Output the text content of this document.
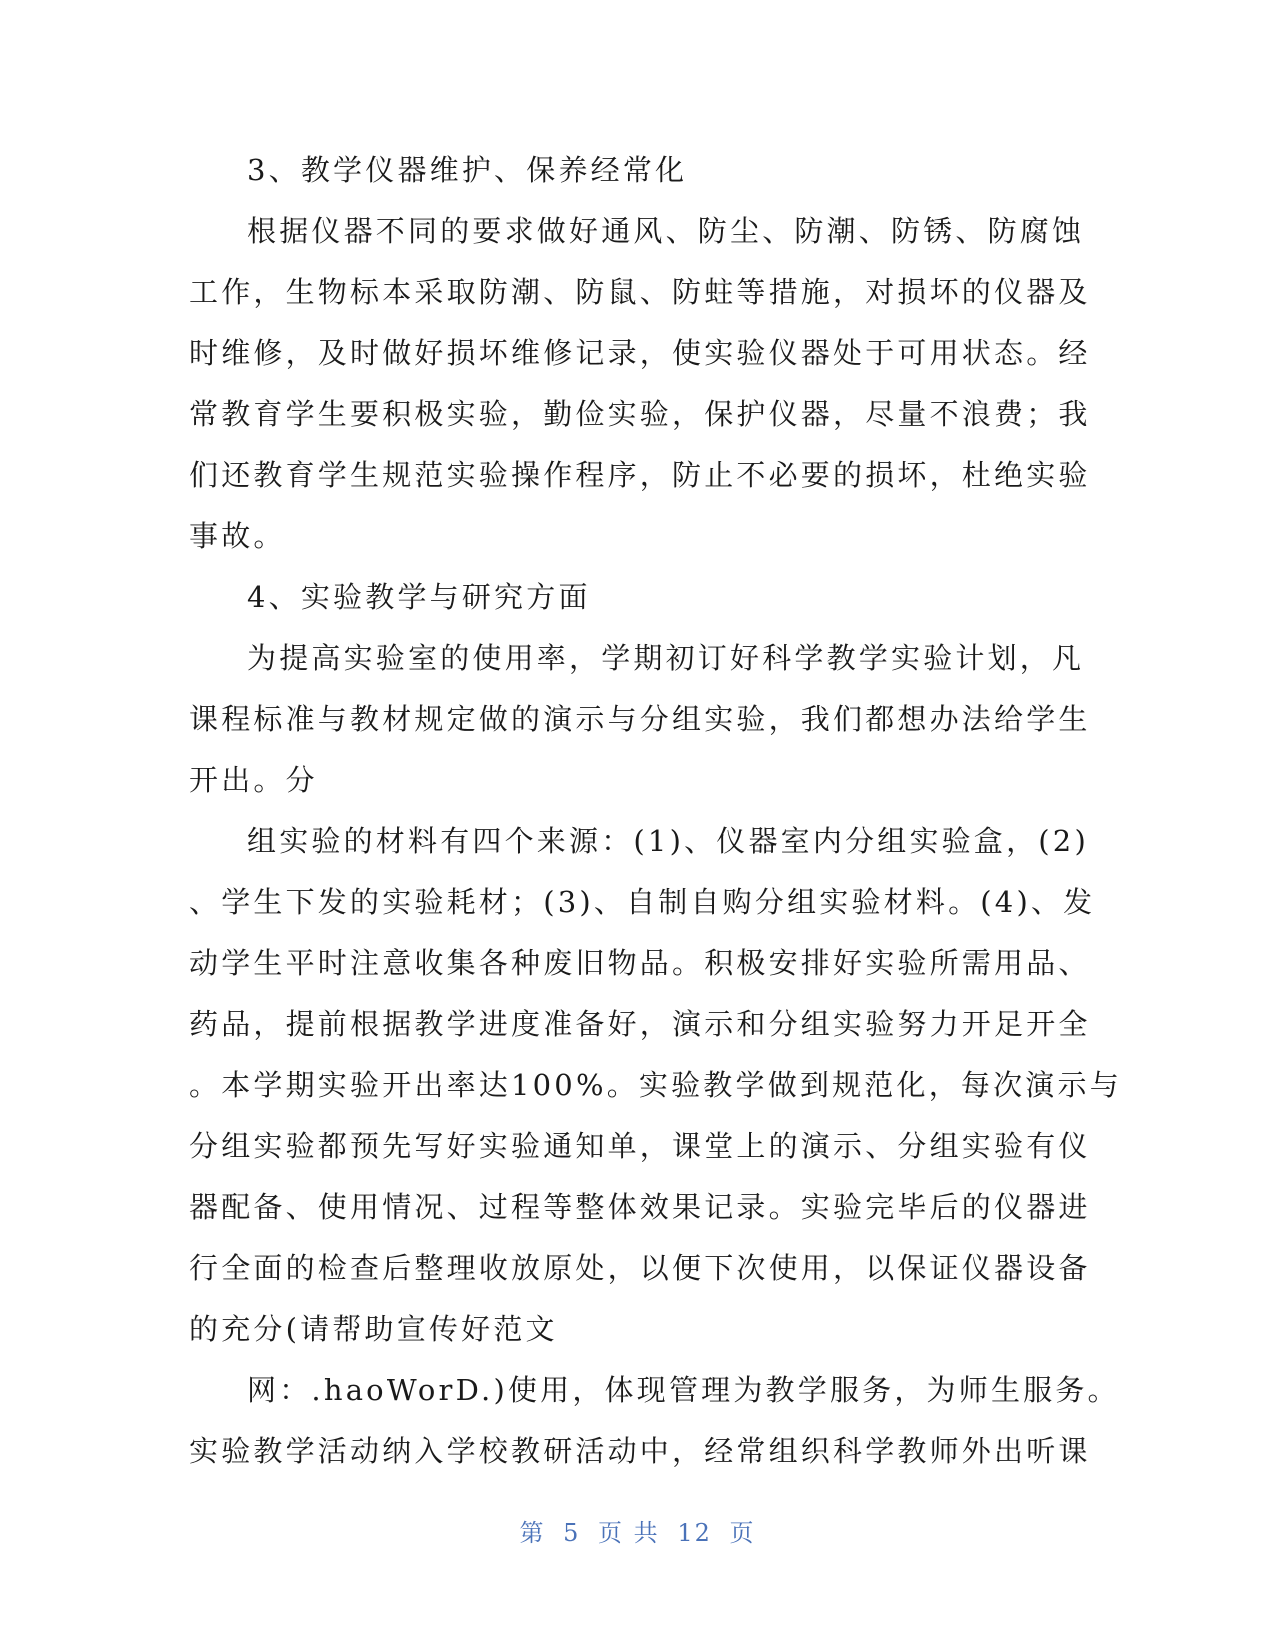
3、教学仪器维护、保养经常化
根据仪器不同的要求做好通风、防尘、防潮、防锈、防腐蚀
工作，生物标本采取防潮、防鼠、防蛀等措施，对损坏的仪器及
时维修，及时做好损坏维修记录，使实验仪器处于可用状态。经
常教育学生要积极实验，勤俭实验，保护仪器，尽量不浪费；我
们还教育学生规范实验操作程序，防止不必要的损坏，杜绝实验
事故。
4、实验教学与研究方面
为提高实验室的使用率，学期初订好科学教学实验计划，凡
课程标准与教材规定做的演示与分组实验，我们都想办法给学生
开出。分
组实验的材料有四个来源：(1)、仪器室内分组实验盒，(2)
、学生下发的实验耗材；(3)、自制自购分组实验材料。(4)、发
动学生平时注意收集各种废旧物品。积极安排好实验所需用品、
药品，提前根据教学进度准备好，演示和分组实验努力开足开全
。本学期实验开出率达100%。实验教学做到规范化，每次演示与
分组实验都预先写好实验通知单，课堂上的演示、分组实验有仪
器配备、使用情况、过程等整体效果记录。实验完毕后的仪器进
行全面的检查后整理收放原处，以便下次使用，以保证仪器设备
的充分(请帮助宣传好范文
网：.haoWorD.)使用，体现管理为教学服务，为师生服务。
实验教学活动纳入学校教研活动中，经常组织科学教师外出听课
第 5 页 共 12 页
